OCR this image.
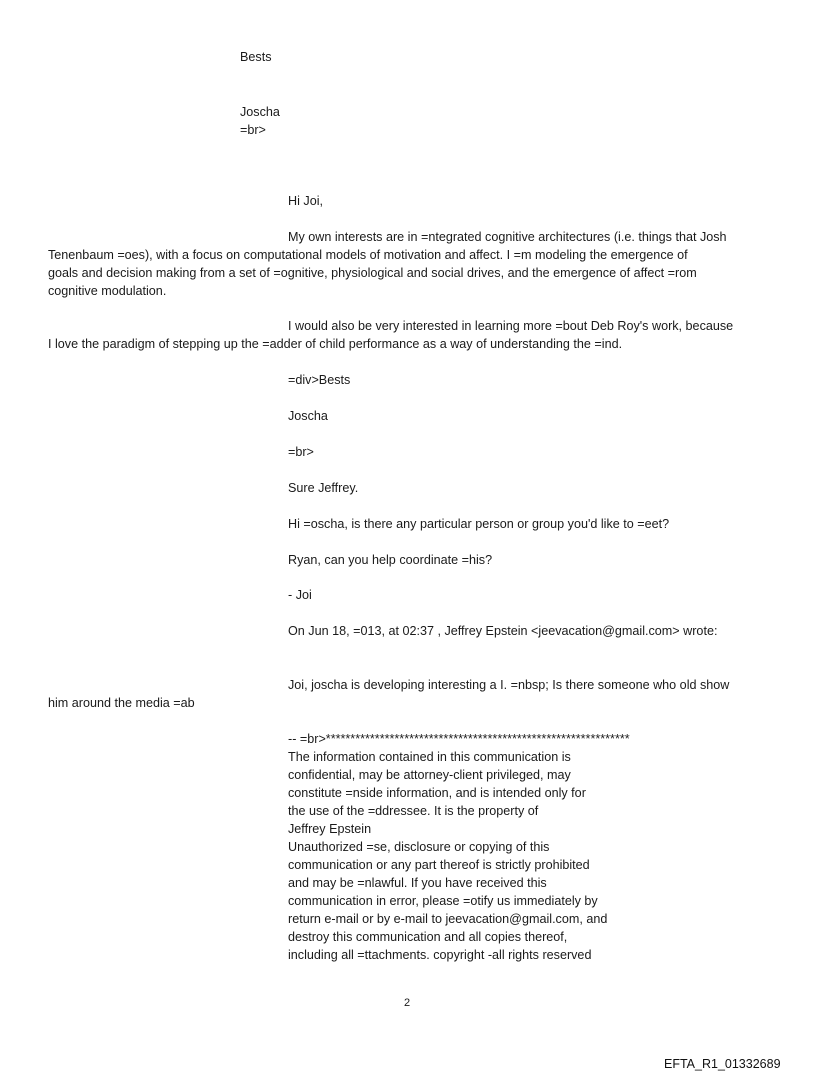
Bests
Joscha
=br>
Hi Joi,
My own interests are in =ntegrated cognitive architectures (i.e. things that Josh
Tenenbaum =oes), with a focus on computational models of motivation and affect. I =m modeling the emergence of
goals and decision making from a set of =ognitive, physiological and social drives, and the emergence of affect =rom
cognitive modulation.
I would also be very interested in learning more =bout Deb Roy's work, because
I love the paradigm of stepping up the =adder of child performance as a way of understanding the =ind.
=div>Bests
Joscha
=br>
Sure Jeffrey.
Hi =oscha, is there any particular person or group you'd like to =eet?
Ryan, can you help coordinate =his?
- Joi
On Jun 18, =013, at 02:37 , Jeffrey Epstein <jeevacation@gmail.com> wrote:
Joi, joscha is developing interesting a I. =nbsp; Is there someone who old show
him around the media =ab
-- =br>**************************************************************
The information contained in this communication is
confidential, may be attorney-client privileged, may
constitute =nside information, and is intended only for
the use of the =ddressee. It is the property of
Jeffrey Epstein
Unauthorized =se, disclosure or copying of this
communication or any part thereof is strictly prohibited
and may be =nlawful. If you have received this
communication in error, please =otify us immediately by
return e-mail or by e-mail to jeevacation@gmail.com, and
destroy this communication and all copies thereof,
including all =ttachments. copyright -all rights reserved
2
EFTA_R1_01332689
